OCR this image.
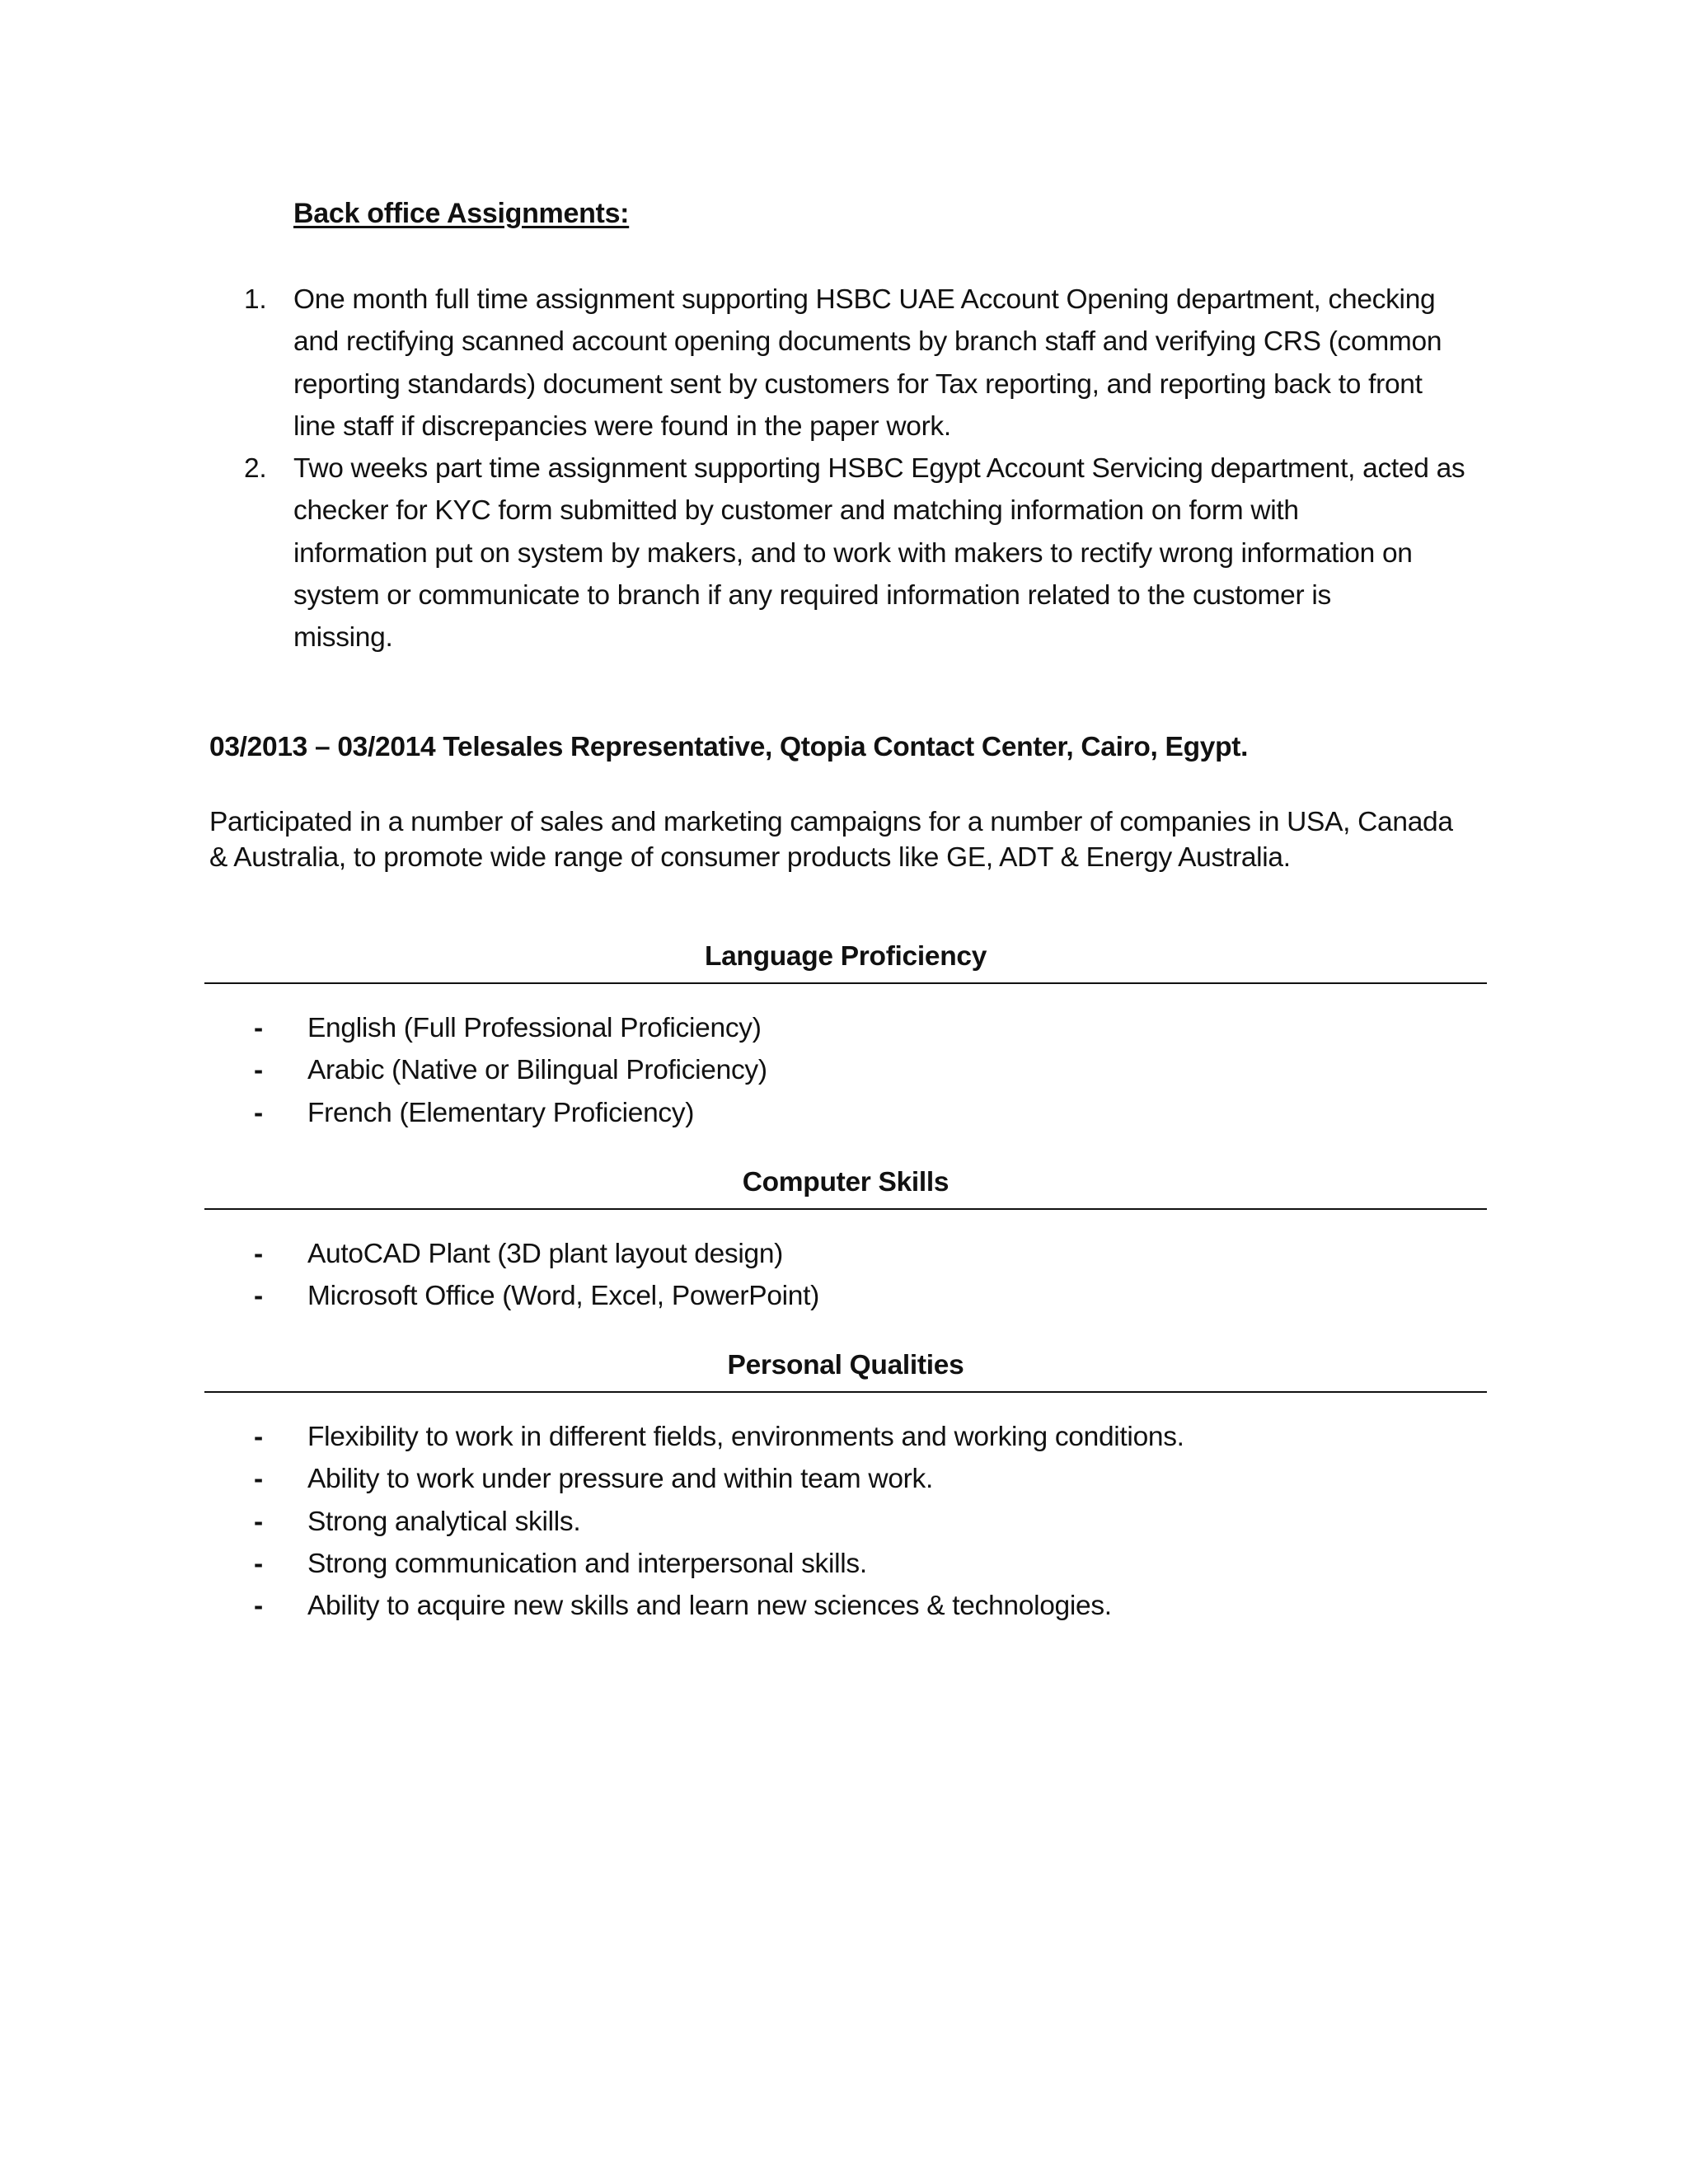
Back office Assignments:
1. One month full time assignment supporting HSBC UAE Account Opening department, checking
and rectifying scanned account opening documents by branch staff and verifying CRS (common
reporting standards) document sent by customers for Tax reporting, and reporting back to front
line staff if discrepancies were found in the paper work.
2. Two weeks part time assignment supporting HSBC Egypt Account Servicing department, acted as
checker for KYC form submitted by customer and matching information on form with
information put on system by makers, and to work with makers to rectify wrong information on
system or communicate to branch if any required information related to the customer is
missing.
03/2013 – 03/2014 Telesales Representative, Qtopia Contact Center, Cairo, Egypt.
Participated in a number of sales and marketing campaigns for a number of companies in USA, Canada
& Australia, to promote wide range of consumer products like GE, ADT & Energy Australia.
Language Proficiency
- English (Full Professional Proficiency)
- Arabic (Native or Bilingual Proficiency)
- French (Elementary Proficiency)
Computer Skills
- AutoCAD Plant (3D plant layout design)
- Microsoft Office (Word, Excel, PowerPoint)
Personal Qualities
- Flexibility to work in different fields, environments and working conditions.
- Ability to work under pressure and within team work.
- Strong analytical skills.
- Strong communication and interpersonal skills.
- Ability to acquire new skills and learn new sciences & technologies.
